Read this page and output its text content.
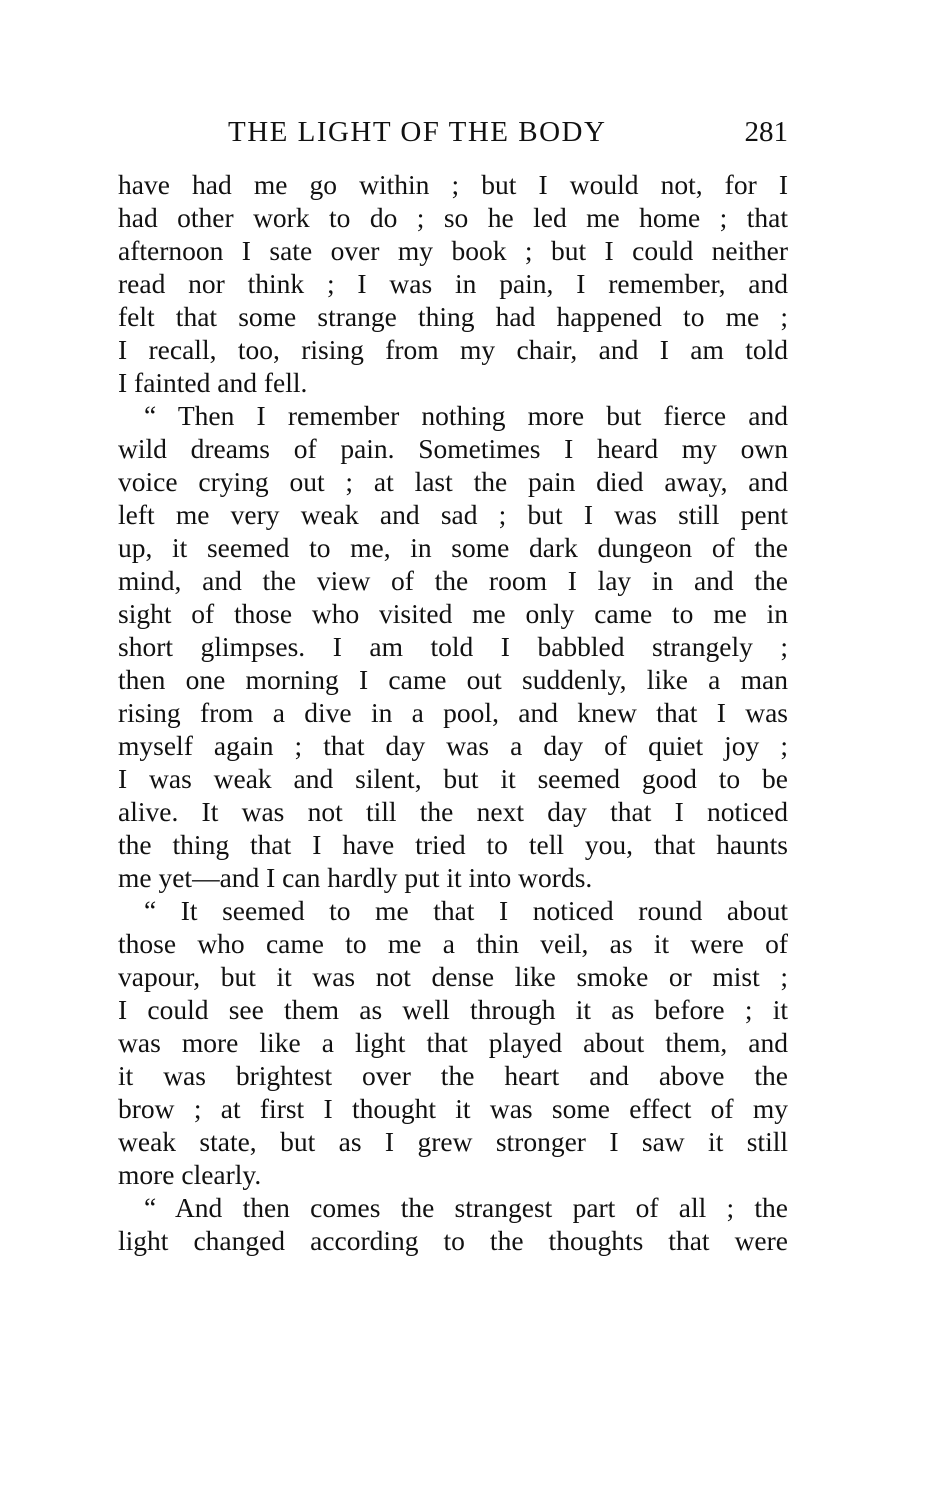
THE LIGHT OF THE BODY	281
have had me go within ; but I would not, for I
had other work to do ; so he led me home ; that
afternoon I sate over my book ; but I could neither
read nor think ; I was in pain, I remember, and
felt that some strange thing had happened to me ;
I recall, too, rising from my chair, and I am told
I fainted and fell.
“ Then I remember nothing more but fierce and
wild dreams of pain. Sometimes I heard my own
voice crying out ; at last the pain died away, and
left me very weak and sad ; but I was still pent
up, it seemed to me, in some dark dungeon of the
mind, and the view of the room I lay in and the
sight of those who visited me only came to me in
short glimpses. I am told I babbled strangely ;
then one morning I came out suddenly, like a man
rising from a dive in a pool, and knew that I was
myself again ; that day was a day of quiet joy ;
I was weak and silent, but it seemed good to be
alive. It was not till the next day that I noticed
the thing that I have tried to tell you, that haunts
me yet—and I can hardly put it into words.
“ It seemed to me that I noticed round about
those who came to me a thin veil, as it were of
vapour, but it was not dense like smoke or mist ;
I could see them as well through it as before ; it
was more like a light that played about them, and
it was brightest over the heart and above the
brow ; at first I thought it was some effect of my
weak state, but as I grew stronger I saw it still
more clearly.
“ And then comes the strangest part of all ; the
light changed according to the thoughts that were
